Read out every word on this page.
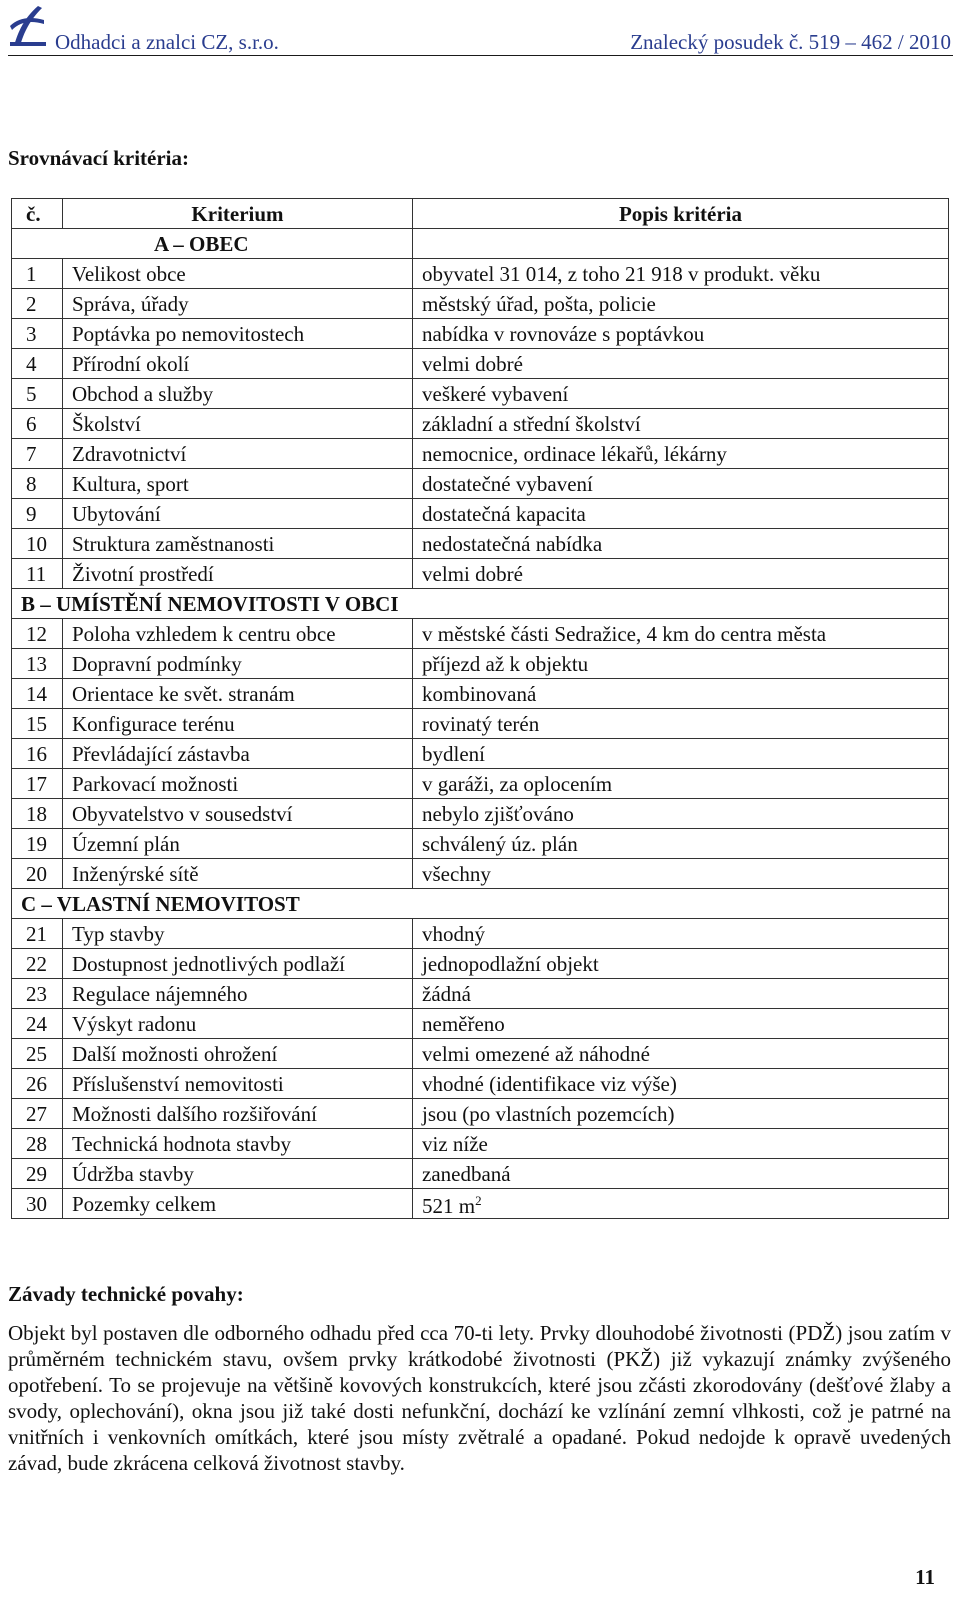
Odhadci a znalci CZ, s.r.o.	Znalecký posudek č. 519 – 462 / 2010
Srovnávací kritéria:
č.	Kriterium	Popis kritéria
A – OBEC		
1	Velikost obce	obyvatel 31 014, z toho 21 918 v produkt. věku
2	Správa, úřady	městský úřad, pošta, policie
3	Poptávka po nemovitostech	nabídka v rovnováze s poptávkou
4	Přírodní okolí	velmi dobré
5	Obchod a služby	veškeré vybavení
6	Školství	základní a střední školství
7	Zdravotnictví	nemocnice, ordinace lékařů, lékárny
8	Kultura, sport	dostatečné vybavení
9	Ubytování	dostatečná kapacita
10	Struktura zaměstnanosti	nedostatečná nabídka
11	Životní prostředí	velmi dobré
B – UMÍSTĚNÍ NEMOVITOSTI V OBCI		
12	Poloha vzhledem k centru obce	v městské části Sedražice, 4 km do centra města
13	Dopravní podmínky	příjezd až k objektu
14	Orientace ke svět. stranám	kombinovaná
15	Konfigurace terénu	rovinatý terén
16	Převládající zástavba	bydlení
17	Parkovací možnosti	v garáži, za oplocením
18	Obyvatelstvo v sousedství	nebylo zjišťováno
19	Územní plán	schválený úz. plán
20	Inženýrské sítě	všechny
C – VLASTNÍ NEMOVITOST		
21	Typ stavby	vhodný
22	Dostupnost jednotlivých podlaží	jednopodlažní objekt
23	Regulace nájemného	žádná
24	Výskyt radonu	neměřeno
25	Další možnosti ohrožení	velmi omezené až náhodné
26	Příslušenství nemovitosti	vhodné (identifikace viz výše)
27	Možnosti dalšího rozšiřování	jsou (po vlastních pozemcích)
28	Technická hodnota stavby	viz níže
29	Údržba stavby	zanedbaná
30	Pozemky celkem	521 $m^2$
Závady technické povahy:
Objekt byl postaven dle odborného odhadu před cca 70-ti lety. Prvky dlouhodobé životnosti (PDŽ) jsou zatím v průměrném technickém stavu, ovšem prvky krátkodobé životnosti (PKŽ) již vykazují známky zvýšeného opotřebení. To se projevuje na většině kovových konstrukcích, které jsou zčásti zkorodovány (dešťové žlaby a svody, oplechování), okna jsou již také dosti nefunkční, dochází ke vzlínání zemní vlhkosti, což je patrné na vnitřních i venkovních omítkách, které jsou místy zvětralé a opadané. Pokud nedojde k opravě uvedených závad, bude zkrácena celková životnost stavby.
11
